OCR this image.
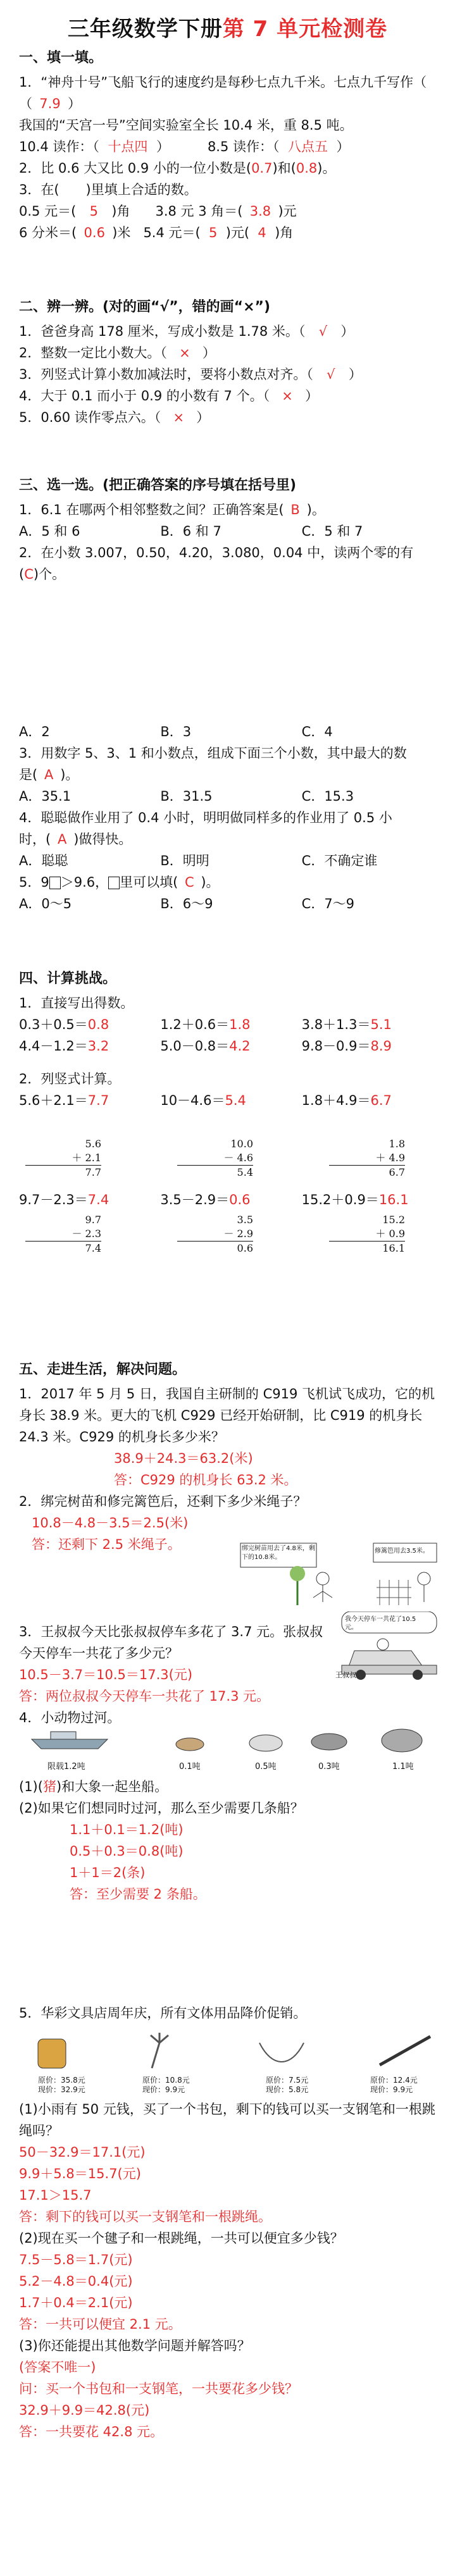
三年级数学下册第 7 单元检测卷

一、填一填。

1．“神舟十号”飞船飞行的速度约是每秒七点九千米。七点九千写作（

（ 7.9 ）

我国的“天宫一号”空间实验室全长 10.4 米，重 8.5 吨。

10.4 读作：（ 十点四 ）	8.5 读作：（ 八点五 ）

2．比 0.6 大又比 0.9 小的一位小数是(0.7)和(0.8)。

3．在(　　)里填上合适的数。

0.5 元＝( 5 )角 3.8 元 3 角＝( 3.8 )元

6 分米＝( 0.6 )米 5.4 元＝( 5 )元( 4 )角

二、辨一辨。(对的画“√”，错的画“×”)

1．爸爸身高 178 厘米，写成小数是 1.78 米。（ √ ）

2．整数一定比小数大。（ × ）

3．列竖式计算小数加减法时，要将小数点对齐。（ √ ）

4．大于 0.1 而小于 0.9 的小数有 7 个。（ × ）

5．0.60 读作零点六。（ × ）

三、选一选。(把正确答案的序号填在括号里)

1．6.1 在哪两个相邻整数之间？正确答案是( B )。

A．5 和 6	B．6 和 7	C．5 和 7

2．在小数 3.007，0.50，4.20，3.080，0.04 中，读两个零的有

(C)个。

A．2	B．3	C．4

3．用数字 5、3、1 和小数点，组成下面三个小数，其中最大的数

是( A )。

A．35.1	B．31.5	C．15.3

4．聪聪做作业用了 0.4 小时，明明做同样多的作业用了 0.5 小

时，( A )做得快。

A．聪聪	B．明明	C．不确定谁

5．9 ＞9.6， 里可以填( C )。

A．0～5	B．6～9	C．7～9

四、计算挑战。

1．直接写出得数。

0.3＋0.5＝0.8	1.2＋0.6＝1.8	3.8＋1.3＝5.1

4.4－1.2＝3.2	5.0－0.8＝4.2	9.8－0.9＝8.9

2．列竖式计算。

5.6＋2.1＝7.7	10－4.6＝5.4	1.8＋4.9＝6.7

5.6
＋ 2.1
7.7
10.0
－ 4.6
5.4
1.8
＋ 4.9
6.7

9.7－2.3＝7.4	3.5－2.9＝0.6	15.2＋0.9＝16.1

9.7
－ 2.3
7.4
3.5
－ 2.9
0.6
15.2
＋ 0.9
16.1

五、走进生活，解决问题。

1．2017 年 5 月 5 日，我国自主研制的 C919 飞机试飞成功，它的机身长 38.9 米。更大的飞机 C929 已经开始研制，比 C919 的机身长 24.3 米。C929 的机身长多少米？

38.9＋24.3＝63.2(米)

答：C929 的机身长 63.2 米。

2．绑完树苗和修完篱笆后，还剩下多少米绳子？

10.8－4.8－3.5＝2.5(米)

答：还剩下 2.5 米绳子。	绑完树苗用去了4.8米，剩下的10.8米。
修篱笆用去3.5米。

3．王叔叔今天比张叔叔停车多花了 3.7 元。张叔叔今天停车一共花了多少元？

10.5－3.7＝10.5＝17.3(元)

答：两位叔叔今天停车一共花了 17.3 元。

4．小动物过河。

我今天停车一共花了10.5元。
王叔叔
限载1.2吨	0.1吨	0.5吨	0.3吨	1.1吨

(1)(猪)和大象一起坐船。

(2)如果它们想同时过河，那么至少需要几条船？

1.1＋0.1＝1.2(吨)

0.5＋0.3＝0.8(吨)

1＋1＝2(条)

答：至少需要 2 条船。

5．华彩文具店周年庆，所有文体用品降价促销。

原价：35.8元
现价：32.9元
原价：10.8元
现价：9.9元
原价：7.5元
现价：5.8元
原价：12.4元
现价：9.9元

(1)小雨有 50 元钱，买了一个书包，剩下的钱可以买一支钢笔和一根跳绳吗？

50－32.9＝17.1(元)

9.9＋5.8＝15.7(元)

17.1＞15.7

答：剩下的钱可以买一支钢笔和一根跳绳。

(2)现在买一个毽子和一根跳绳，一共可以便宜多少钱？

7.5－5.8＝1.7(元)

5.2－4.8＝0.4(元)

1.7＋0.4＝2.1(元)

答：一共可以便宜 2.1 元。

(3)你还能提出其他数学问题并解答吗？

(答案不唯一)

问：买一个书包和一支钢笔，一共要花多少钱？

32.9＋9.9＝42.8(元)

答：一共要花 42.8 元。
